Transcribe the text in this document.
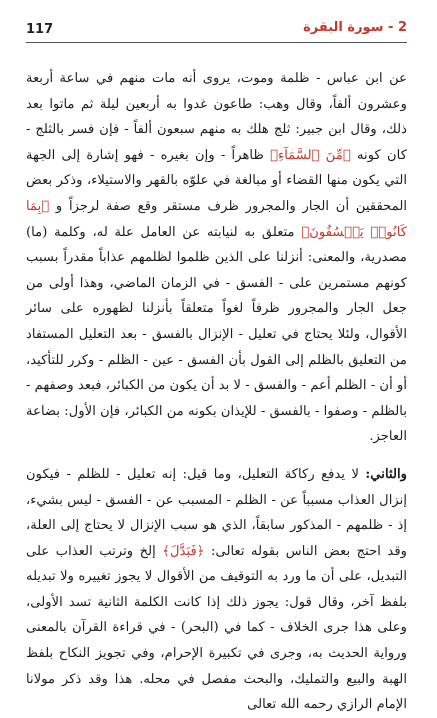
117	2 - سورة البقرة

عن ابن عباس - ظلمة وموت، يروى أنه مات منهم في ساعة أربعة وعشرون ألفاً، وقال وهب: طاعون غدوا به أربعين ليلة ثم ماتوا بعد ذلك، وقال ابن جبير: ثلج هلك به منهم سبعون ألفاً - فإن فسر بالثلج - كان كونه ﴿مِّنَ ٱلسَّمَآءِ﴾ ظاهراً - وإن بغيره - فهو إشارة إلى الجهة التي يكون منها القضاء أو مبالغة في علوّه بالقهر والاستيلاء، وذكر بعض المحققين أن الجار والمجرور ظرف مستقر وقع صفة لرجزاً و ﴿بِمَا كَانُوا۟ يَفۡسُقُونَ﴾ متعلق به لنيابته عن العامل علة له، وكلمة (ما) مصدرية، والمعنى: أنزلنا على الذين ظلموا لظلمهم عذاباً مقدراً بسبب كونهم مستمرين على - الفسق - في الزمان الماضي، وهذا أولى من جعل الجار والمجرور ظرفاً لغواً متعلقاً بأنزلنا لظهوره على سائر الأقوال، ولئلا يحتاج في تعليل - الإنزال بالفسق - بعد التعليل المستفاد من التعليق بالظلم إلى القول بأن الفسق - عين - الظلم - وكرر للتأكيد، أو أن - الظلم أعم - والفسق - لا بد أن يكون من الكبائر، فبعد وصفهم - بالظلم - وصفوا - بالفسق - للإيذان بكونه من الكبائر، فإن الأول: بضاعة العاجز.

والثاني: لا يدفع ركاكة التعليل، وما قيل: إنه تعليل - للظلم - فيكون إنزال العذاب مسبباً عن - الظلم - المسبب عن - الفسق - ليس بشيء، إذ - ظلمهم - المذكور سابقاً، الذي هو سبب الإنزال لا يحتاج إلى العلة، وقد احتج بعض الناس بقوله تعالى: ﴿فَبَدَّلَ﴾ إلخ وترتب العذاب على التبديل، على أن ما ورد به التوقيف من الأقوال لا يجوز تغييره ولا تبديله بلفظ آخر، وقال قول: يجوز ذلك إذا كانت الكلمة الثانية تسد الأولى، وعلى هذا جرى الخلاف - كما في (البحر) - في قراءة القرآن بالمعنى ورواية الحديث به، وجرى في تكبيرة الإحرام، وفي تجويز النكاح بلفظ الهبة والبيع والتمليك، والبحث مفصل في محله. هذا وقد ذكر مولانا الإمام الرازي رحمه الله تعالى
